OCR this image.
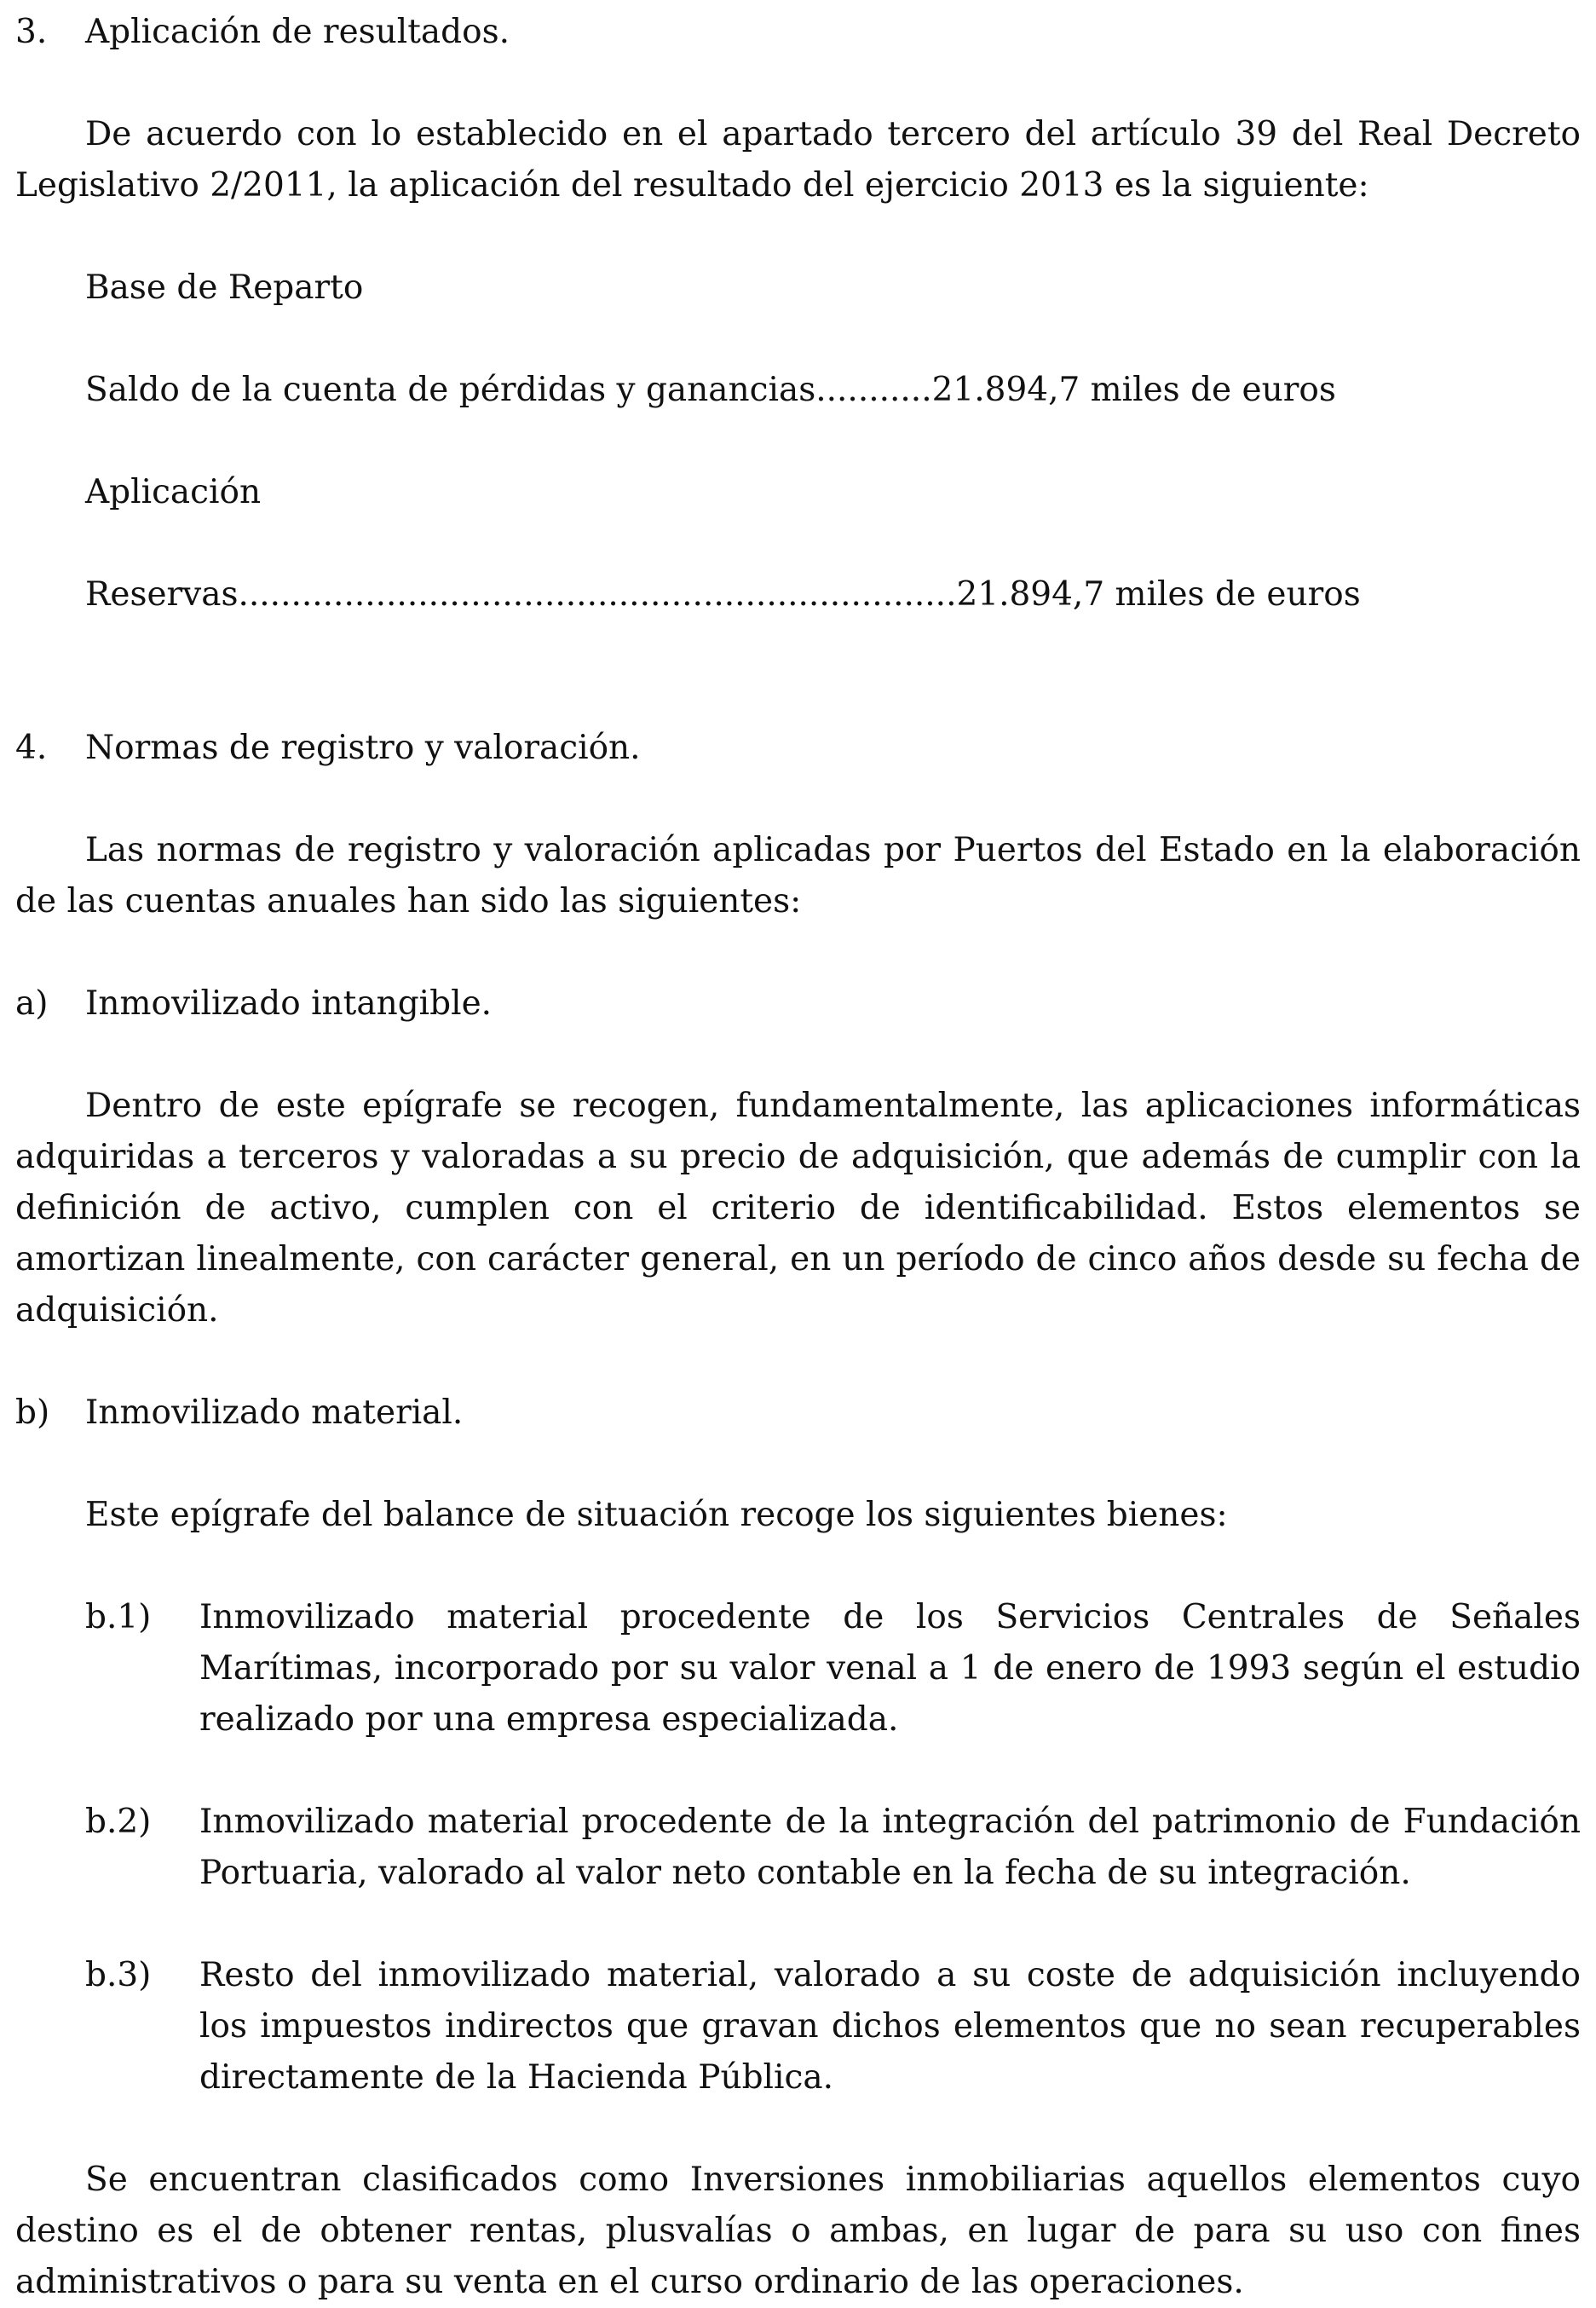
3.	Aplicación de resultados.

De acuerdo con lo establecido en el apartado tercero del artículo 39 del Real Decreto Legislativo 2/2011, la aplicación del resultado del ejercicio 2013 es la siguiente:

Base de Reparto

Saldo de la cuenta de pérdidas y ganancias...........21.894,7 miles de euros

Aplicación

Reservas....................................................................21.894,7 miles de euros

4.	Normas de registro y valoración.

Las normas de registro y valoración aplicadas por Puertos del Estado en la elaboración de las cuentas anuales han sido las siguientes:

a)	Inmovilizado intangible.

Dentro de este epígrafe se recogen, fundamentalmente, las aplicaciones informáticas adquiridas a terceros y valoradas a su precio de adquisición, que además de cumplir con la definición de activo, cumplen con el criterio de identificabilidad. Estos elementos se amortizan linealmente, con carácter general, en un período de cinco años desde su fecha de adquisición.

b)	Inmovilizado material.

Este epígrafe del balance de situación recoge los siguientes bienes:

b.1)	Inmovilizado material procedente de los Servicios Centrales de Señales Marítimas, incorporado por su valor venal a 1 de enero de 1993 según el estudio realizado por una empresa especializada.
b.2)	Inmovilizado material procedente de la integración del patrimonio de Fundación Portuaria, valorado al valor neto contable en la fecha de su integración.
b.3)	Resto del inmovilizado material, valorado a su coste de adquisición incluyendo los impuestos indirectos que gravan dichos elementos que no sean recuperables directamente de la Hacienda Pública.

Se encuentran clasificados como Inversiones inmobiliarias aquellos elementos cuyo destino es el de obtener rentas, plusvalías o ambas, en lugar de para su uso con fines administrativos o para su venta en el curso ordinario de las operaciones.
